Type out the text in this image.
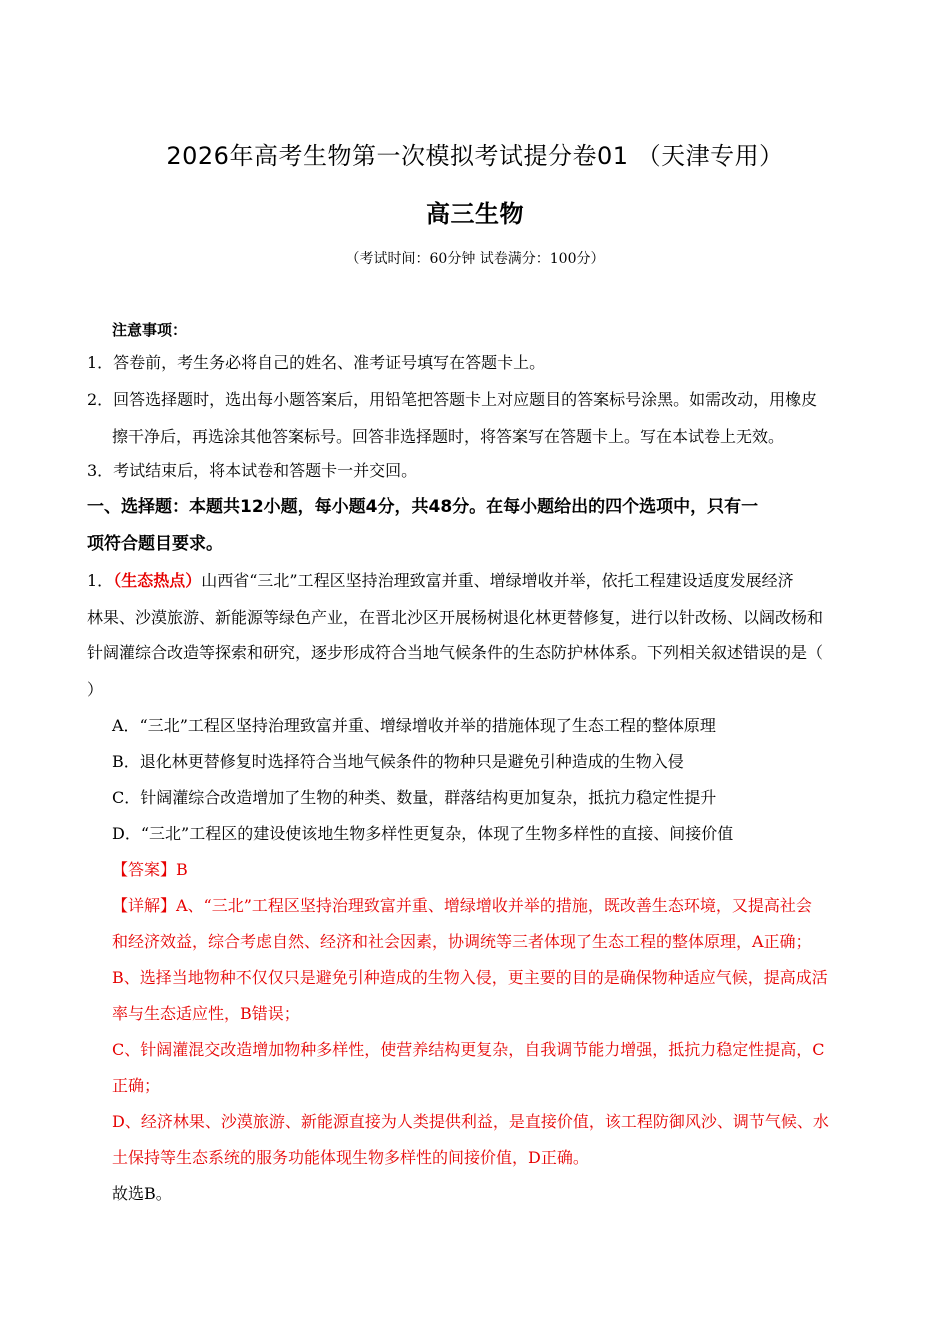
2026年高考生物第一次模拟考试提分卷01 （天津专用）
高三生物
（考试时间：60分钟 试卷满分：100分）
注意事项：
1．答卷前，考生务必将自己的姓名、准考证号填写在答题卡上。
2．回答选择题时，选出每小题答案后，用铅笔把答题卡上对应题目的答案标号涂黑。如需改动，用橡皮
擦干净后，再选涂其他答案标号。回答非选择题时，将答案写在答题卡上。写在本试卷上无效。
3．考试结束后，将本试卷和答题卡一并交回。
一、选择题：本题共12小题，每小题4分，共48分。在每小题给出的四个选项中，只有一
项符合题目要求。
1．（生态热点）山西省“三北”工程区坚持治理致富并重、增绿增收并举，依托工程建设适度发展经济
林果、沙漠旅游、新能源等绿色产业，在晋北沙区开展杨树退化林更替修复，进行以针改杨、以阔改杨和
针阔灌综合改造等探索和研究，逐步形成符合当地气候条件的生态防护林体系。下列相关叙述错误的是（
）
A．“三北”工程区坚持治理致富并重、增绿增收并举的措施体现了生态工程的整体原理
B．退化林更替修复时选择符合当地气候条件的物种只是避免引种造成的生物入侵
C．针阔灌综合改造增加了生物的种类、数量，群落结构更加复杂，抵抗力稳定性提升
D．“三北”工程区的建设使该地生物多样性更复杂，体现了生物多样性的直接、间接价值
【答案】B
【详解】A、“三北”工程区坚持治理致富并重、增绿增收并举的措施，既改善生态环境，又提高社会
和经济效益，综合考虑自然、经济和社会因素，协调统等三者体现了生态工程的整体原理，A正确；
B、选择当地物种不仅仅只是避免引种造成的生物入侵，更主要的目的是确保物种适应气候，提高成活
率与生态适应性，B错误；
C、针阔灌混交改造增加物种多样性，使营养结构更复杂，自我调节能力增强，抵抗力稳定性提高，C
正确；
D、经济林果、沙漠旅游、新能源直接为人类提供利益，是直接价值，该工程防御风沙、调节气候、水
土保持等生态系统的服务功能体现生物多样性的间接价值，D正确。
故选B。
